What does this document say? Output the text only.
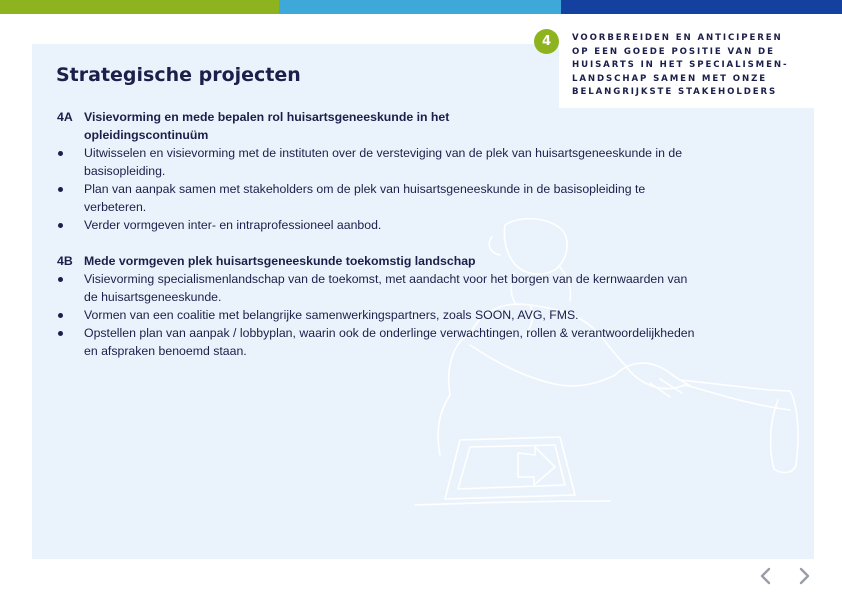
4	VOORBEREIDEN EN ANTICIPEREN
OP EEN GOEDE POSITIE VAN DE
HUISARTS IN HET SPECIALISMEN-
LANDSCHAP SAMEN MET ONZE
BELANGRIJKSTE STAKEHOLDERS
Strategische projecten
4A Visievorming en mede bepalen rol huisartsgeneeskunde in het opleidingscontinuüm
Uitwisselen en visievorming met de instituten over de versteviging van de plek van huisartsgeneeskunde in de basisopleiding.
Plan van aanpak samen met stakeholders om de plek van huisartsgeneeskunde in de basisopleiding te verbeteren.
Verder vormgeven inter- en intraprofessioneel aanbod.
4B Mede vormgeven plek huisartsgeneeskunde toekomstig landschap
Visievorming specialismenlandschap van de toekomst, met aandacht voor het borgen van de kernwaarden van de huisartsgeneeskunde.
Vormen van een coalitie met belangrijke samenwerkingspartners, zoals SOON, AVG, FMS.
Opstellen plan van aanpak / lobbyplan, waarin ook de onderlinge verwachtingen, rollen & verantwoordelijkheden en afspraken benoemd staan.
